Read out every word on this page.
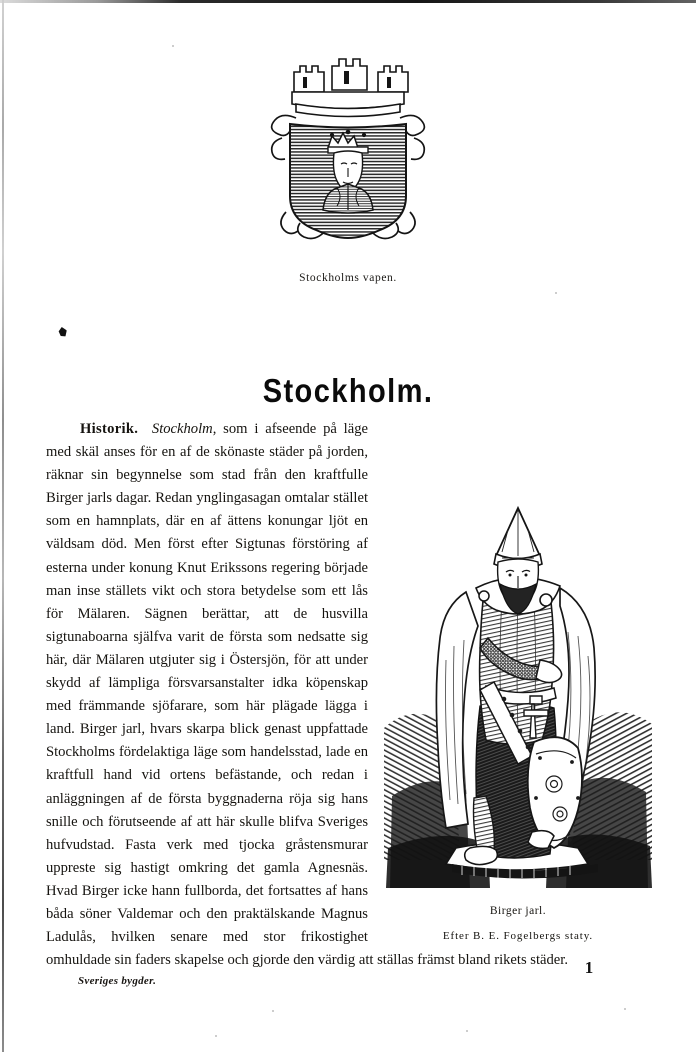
Stockholms vapen.
Stockholm.
Birger jarl.
Efter B. E. Fogelbergs staty.
Historik. Stockholm, som i afseende på läge med skäl anses för en af de skönaste städer på jorden, räknar sin begynnelse som stad från den kraftfulle Birger jarls dagar. Redan ynglingasagan omtalar stället som en hamnplats, där en af ättens konungar ljöt en väldsam död. Men först efter Sigtunas förstöring af esterna under konung Knut Erikssons regering började man inse ställets vikt och stora betydelse som ett lås för Mälaren. Sägnen berättar, att de husvilla sigtunaboarna själfva varit de första som nedsatte sig här, där Mälaren utgjuter sig i Östersjön, för att under skydd af lämpliga försvarsanstalter idka köpenskap med främmande sjöfarare, som här plägade lägga i land. Birger jarl, hvars skarpa blick genast uppfattade Stockholms fördelaktiga läge som handelsstad, lade en kraftfull hand vid ortens befästande, och redan i anläggningen af de första byggnaderna röja sig hans snille och förutseende af att här skulle blifva Sveriges hufvudstad. Fasta verk med tjocka gråstensmurar uppreste sig hastigt omkring det gamla Agnesnäs. Hvad Birger icke hann fullborda, det fortsattes af hans båda söner Valdemar och den praktälskande Magnus Ladulås, hvilken senare med stor frikostighet omhuldade sin faders skapelse och gjorde den värdig att ställas främst bland rikets städer.
Sveriges bygder.
1
